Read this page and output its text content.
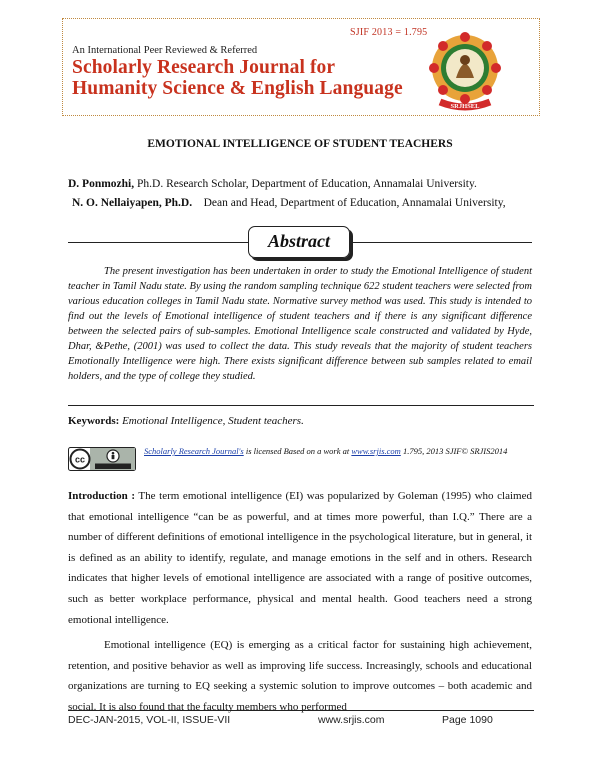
SJIF 2013 = 1.795
An International Peer Reviewed & Referred
Scholarly Research Journal for
Humanity Science & English Language
SRJHSEL
EMOTIONAL INTELLIGENCE OF STUDENT TEACHERS
D. Ponmozhi, Ph.D. Research Scholar, Department of Education, Annamalai University.
N. O. Nellaiyapen, Ph.D.    Dean and Head, Department of Education, Annamalai University,
Abstract
The present investigation has been undertaken in order to study the Emotional Intelligence of student teacher in Tamil Nadu state. By using the random sampling technique 622 student teachers were selected from various education colleges in Tamil Nadu state. Normative survey method was used. This study is intended to find out the levels of Emotional intelligence of student teachers and if there is any significant difference between the selected pairs of sub-samples. Emotional Intelligence scale constructed and validated by Hyde, Dhar, &Pethe, (2001) was used to collect the data. This study reveals that the majority of student teachers Emotionally Intelligence were high. There exists significant difference between sub samples related to email holders, and the type of college they studied.
Keywords: Emotional Intelligence, Student teachers.
cc
Scholarly Research Journal's is licensed Based on a work at www.srjis.com 1.795, 2013 SJIF© SRJIS2014

Introduction : The term emotional intelligence (EI) was popularized by Goleman (1995) who claimed that emotional intelligence “can be as powerful, and at times more powerful, than I.Q.” There are a number of different definitions of emotional intelligence in the psychological literature, but in general, it is defined as an ability to identify, regulate, and manage emotions in the self and in others. Research indicates that higher levels of emotional intelligence are associated with a range of positive outcomes, such as better workplace performance, physical and mental health. Good teachers need a strong emotional intelligence.

Emotional intelligence (EQ) is emerging as a critical factor for sustaining high achievement, retention, and positive behavior as well as improving life success. Increasingly, schools and educational organizations are turning to EQ seeking a systemic solution to improve outcomes – both academic and social. It is also found that the faculty members who performed

DEC-JAN-2015, VOL-II, ISSUE-VII	www.srjis.com	Page 1090
